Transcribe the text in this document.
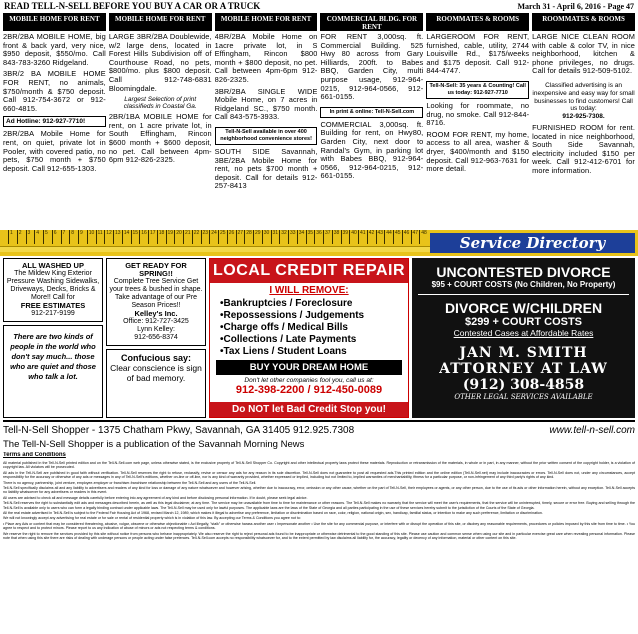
READ TELL-N-SELL BEFORE YOU BUY A CAR OR A TRUCK	March 31 - April 6, 2016 - Page 47
MOBILE HOME FOR RENT
2BR/2BA MOBILE HOME, big front & back yard, very nice, $950 deposit, $550/mo. Call 843-783-3260 Ridgeland.
3BR/2 BA MOBILE HOME FOR RENT, no animals, $750/month & $750 deposit. Call 912-754-3672 or 912-660-4815.
Ad Hotline: 912-927-7710!
2BR/2BA Mobile Home for rent, on quiet, private lot in Pooler, with covered patio, no pets, $750 month + $750 deposit. Call 912-655-1303.
MOBILE HOME FOR RENT
LARGE 3BR/2BA Doublewide, w/2 large dens, located in Forest Hills Subdivision off of Courthouse Road, no pets, $800/mo. plus $800 deposit. Call 912-748-6831 Bloomingdale.
Largest Selection of print classifieds in Coastal Ga.
2BR/1BA MOBILE HOME for rent, on 1 acre private lot, in South Effingham, Rincon $600 month + $600 deposit, no pet. Call between 4pm-6pm 912-826-2325.
MOBILE HOME FOR RENT
4BR/2BA Mobile Home on 1acre private lot, in S Effingham, Rincon $800 month + $800 deposit, no pet. Call between 4pm-6pm 912-826-2325.
3BR/2BA SINGLE WIDE Mobile Home, on 7 acres in Ridgeland SC., $750 month. Call 843-575-3933.
Tell-N-Sell available in over 400 neighborhood convenience stores!
SOUTH SIDE Savannah, 3BE/2BA Mobile Home for rent, no pets $700 month + deposit. Call for details 912-257-8413
COMMERCIAL BLDG. FOR RENT
FOR RENT 3,000sq. ft. Commercial Building. 525 Hwy 80 across from Gary Hilliards, 200ft. to Babes BBQ, Garden City, multi purpose usage, 912-964-0215, 912-964-0566, 912-661-0155.
In print & online: Tell-N-Sell.com
COMMERCIAL 3,000sq. ft. Building for rent, on Hwy80, Garden City, next door to Randal's Gym, in parking lot with Babes BBQ, 912-964-0566, 912-964-0215, 912-661-0155.
ROOMMATES & ROOMS
LARGEROOM FOR RENT, furnished, cable, utility, 2744 Louisville Rd., $175/weeks and $175 deposit. Call 912-844-4747.
Tell-N-Sell: 35 years & Counting! Call us today: 912-927-7710
Looking for roommate, no drug, no smoke. Call 912-844-8716.
ROOM FOR RENT, my home, access to all area, washer & dryer, $400/month and $150 deposit. Call 912-963-7631 for more detail.
ROOMMATES & ROOMS
LARGE NICE CLEAN ROOM with cable & color TV, in nice neighborhood, kitchen & phone privileges, no drugs. Call for details 912-509-5102.
Classified advertising is an inexpensive and easy way for small businesses to find customers! Call us today:
912-925-7308.
FURNISHED ROOM for rent. located in nice neighborhood, South Side Savannah, electricity included $150 per week. Call 912-412-6701 for more information.
1	2	3	4	5	6	7	8	9	10 11 12 13 14 15 16 17 18 19 20 21 22 23 24 25 26 27 28 29 30 31 32 33 34 35 36 37 38 39 40 41 42 43 44 45 46 47 48
Service Directory
ALL WASHED UP
The Mildew King Exterior Pressure Washing Sidewalks, Driveways, Decks, Bricks & More!! Call for
FREE ESTIMATES
912-217-9199
There are two kinds of people in the world who don't say much... those who are quiet and those who talk a lot.
GET READY FOR SPRING!!
Complete Tree Service Get your trees & bushed in shape. Take advantage of our Pre Season Prices!!
Kelley's Inc.
Office: 912-727-3425
Lynn Kelley:
912-656-8374
Confucious say:
Clear conscience is sign of bad memory.
LOCAL CREDIT REPAIR
I WILL REMOVE:
• Bankruptcies / Foreclosure
• Repossessions / Judgements
• Charge offs / Medical Bills
• Collections / Late Payments
• Tax Liens / Student Loans
BUY YOUR DREAM HOME
Don't let other companies fool you, call us at:
912-398-2200 / 912-450-0089
Do NOT let Bad Credit Stop you!
UNCONTESTED DIVORCE
$95 + COURT COSTS (No Children, No Property)
DIVORCE W/CHILDREN
$299 + COURT COSTS
Contested Cases at Affordable Rates
JAN M. SMITH
ATTORNEY AT LAW
(912) 308-4858
OTHER LEGAL SERVICES AVAILABLE
Tell-N-Sell Shopper - 1375 Chatham Pkwy, Savannah, GA 31405 912.925.7308	www.tell-n-sell.com
The Tell-N-Sell Shopper is a publication of the Savannah Morning News
Terms and Conditions

All material published in the Tell-N-Sell printed edition and on the Tell-N-Sell.com web page, unless otherwise stated, is the exclusive property of Tell-N-Sell Shopper Co. Copyright and other intellectual property laws protect these materials. Reproduction or retransmission of the materials, in whole or in part, in any manner, without the prior written consent of the copyright holder, is a violation of copyright law. All violators will be prosecuted.

All ads in the Tell-N-Sell are published in good faith without verification. Tell-N-Sell reserves the right to refuse, reclassify, revise or censor any ads for any reason in its sole discretion. Tell-N-Sell does not guarantee to post all requested ads.This printed edition and the online edition (Tell-N-Sell.net) may include inaccuracies or errors. Tell-N-Sell does not, under any circumstances, accept responsibility for the accuracy or otherwise of any ads or messages in any of Tell-N-Sell's editions, whether on-line or off-line, nor is any kind of warranty provided, whether expressed or implied, including but not limited to, implied warranties of merchantability, fitness for a particular purpose, or non-infringement of any third party's rights of any kind.

There is no agency, partnership, joint venture, employee-employer or franchiser-franchisee relationship between the Tell-N-Sell and any users of the Tell-N-Sell.

Tell-N-Sell specifically disclaims all and any liability to advertisers and readers of any kind for loss or damage of any nature whatsoever and however arising, whether due to inaccuracy, error, omission or any other cause, whether on the part of Tell-N-Sell, their employees or agents, or any other person, due to the use of its ads or other information herein, without any exception. Tell-N-Sell accepts no liability whatsoever for any advertisers or readers in this event.

All users are advised to check all and message details carefully before entering into any agreement of any kind and before disclosing personal information. If in doubt, please seek legal advice.

Tell-N-Sell reserves the right to substantially edit ads and messages described herein, as well as this legal disclaimer, at any time. The service may be unavailable from time to time for maintenance or other reasons. The Tell-N-Sell makes no warranty that the service will meet the user's requirements, that the service will be uninterrupted, timely, secure or error free. Buying and selling through the Tell-N-Sell is available only to users who can form a legally binding contract under applicable laws. The Tell-N-Sell may be used only for lawful purposes. The applicable laws are the laws of the State of Georgia and all parties participating in the use of these services hereby submit to the jurisdiction of the Courts of the State of Georgia.

All the real estate advertised in Tell-N-Sell is subject to the Federal Fair Housing Act of 1968, revised March 12, 1989, which makes it illegal to advertise any preference, limitation or discrimination based on race, color, religion, national origin, sex, handicap, familial status, or intention to make any such preference, limitation or discrimination.

We will not knowingly accept any advertising for real estate or for sale or rental of residential property which is in violation of this law. By accepting our Terms & Conditions you agree not to:

• Place any Ads or content that may be considered threatening, abusive, vulgar, obscene or otherwise objectionable • Act illegally, "stalk" or otherwise harass another user • Impersonate another • Use the site for any commercial purpose, or interfere with or disrupt the operation of this site, or disobey any reasonable requirements, procedures or policies imposed by this site from time to time. • You agree to respect and to protect minors. Please report to us any indication of abuse of minors or ads not respecting terms & conditions.

We reserve the right to remove the services provided by this site without notice from persons who behave inappropriately. We also reserve the right to reject personal ads found to be inappropriate or otherwise detrimental to the good standing of this site. Please use caution and common sense when using our site and in particular exercise great care when revealing personal information. Please note that when using this site there are risks of dealing with underage persons or people acting under false pretences. Tell-N-Sell.com accepts no responsibility whatsoever for, and to the extent permitted by law disclaims all liability for, the accuracy, legality or decency of any information, material or other content on this site.
